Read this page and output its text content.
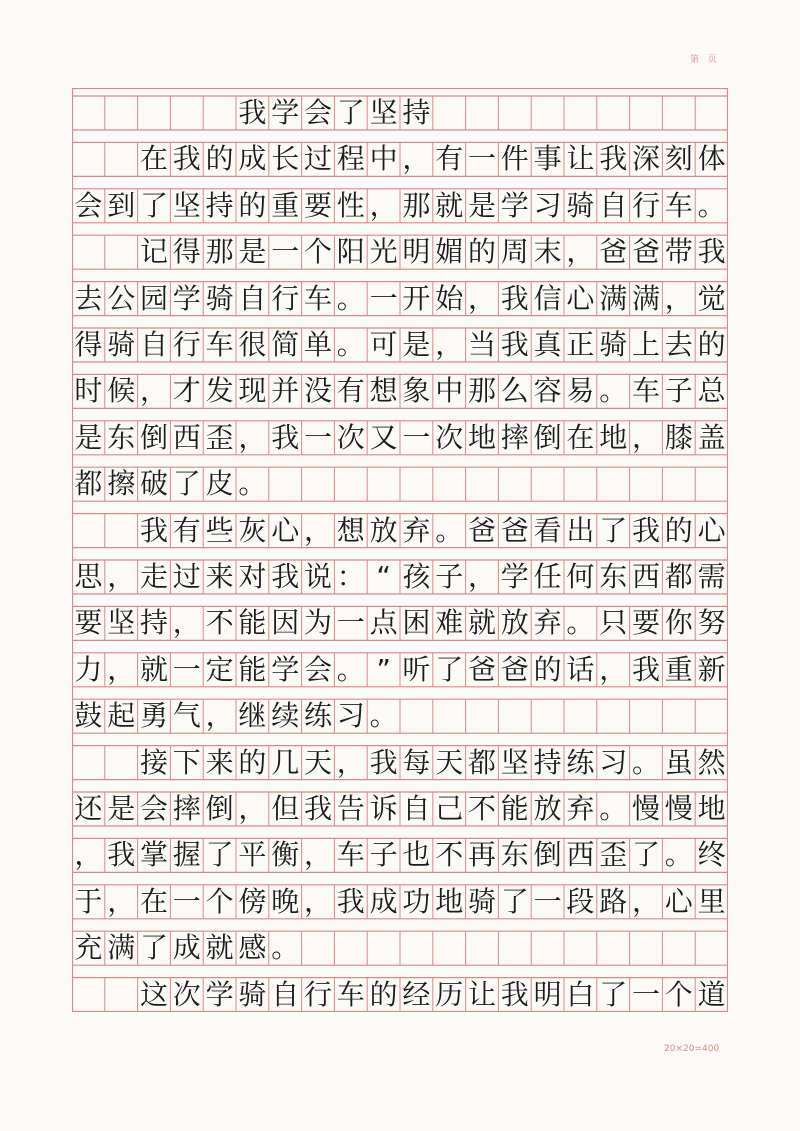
第 页
我 学 会 了 坚 持

在 我 的 成 长 过 程 中 ， 有 一 件 事 让 我 深 刻 体
会 到 了 坚 持 的 重 要 性 ， 那 就 是 学 习 骑 自 行 车 。

记 得 那 是 一 个 阳 光 明 媚 的 周 末 ， 爸 爸 带 我
去 公 园 学 骑 自 行 车 。 一 开 始 ， 我 信 心 满 满 ， 觉
得 骑 自 行 车 很 简 单 。 可 是 ， 当 我 真 正 骑 上 去 的
时 候 ， 才 发 现 并 没 有 想 象 中 那 么 容 易 。 车 子 总
是 东 倒 西 歪 ， 我 一 次 又 一 次 地 摔 倒 在 地 ， 膝 盖
都 擦 破 了 皮 。

我 有 些 灰 心 ， 想 放 弃 。 爸 爸 看 出 了 我 的 心
思 ， 走 过 来 对 我 说 ： “ 孩 子 ， 学 任 何 东 西 都 需
要 坚 持 ， 不 能 因 为 一 点 困 难 就 放 弃 。 只 要 你 努
力 ， 就 一 定 能 学 会 。 ” 听 了 爸 爸 的 话 ， 我 重 新
鼓 起 勇 气 ， 继 续 练 习 。

接 下 来 的 几 天 ， 我 每 天 都 坚 持 练 习 。 虽 然
还 是 会 摔 倒 ， 但 我 告 诉 自 己 不 能 放 弃 。 慢 慢 地
， 我 掌 握 了 平 衡 ， 车 子 也 不 再 东 倒 西 歪 了 。 终
于 ， 在 一 个 傍 晚 ， 我 成 功 地 骑 了 一 段 路 ， 心 里
充 满 了 成 就 感 。

这 次 学 骑 自 行 车 的 经 历 让 我 明 白 了 一 个 道
20×20=400
